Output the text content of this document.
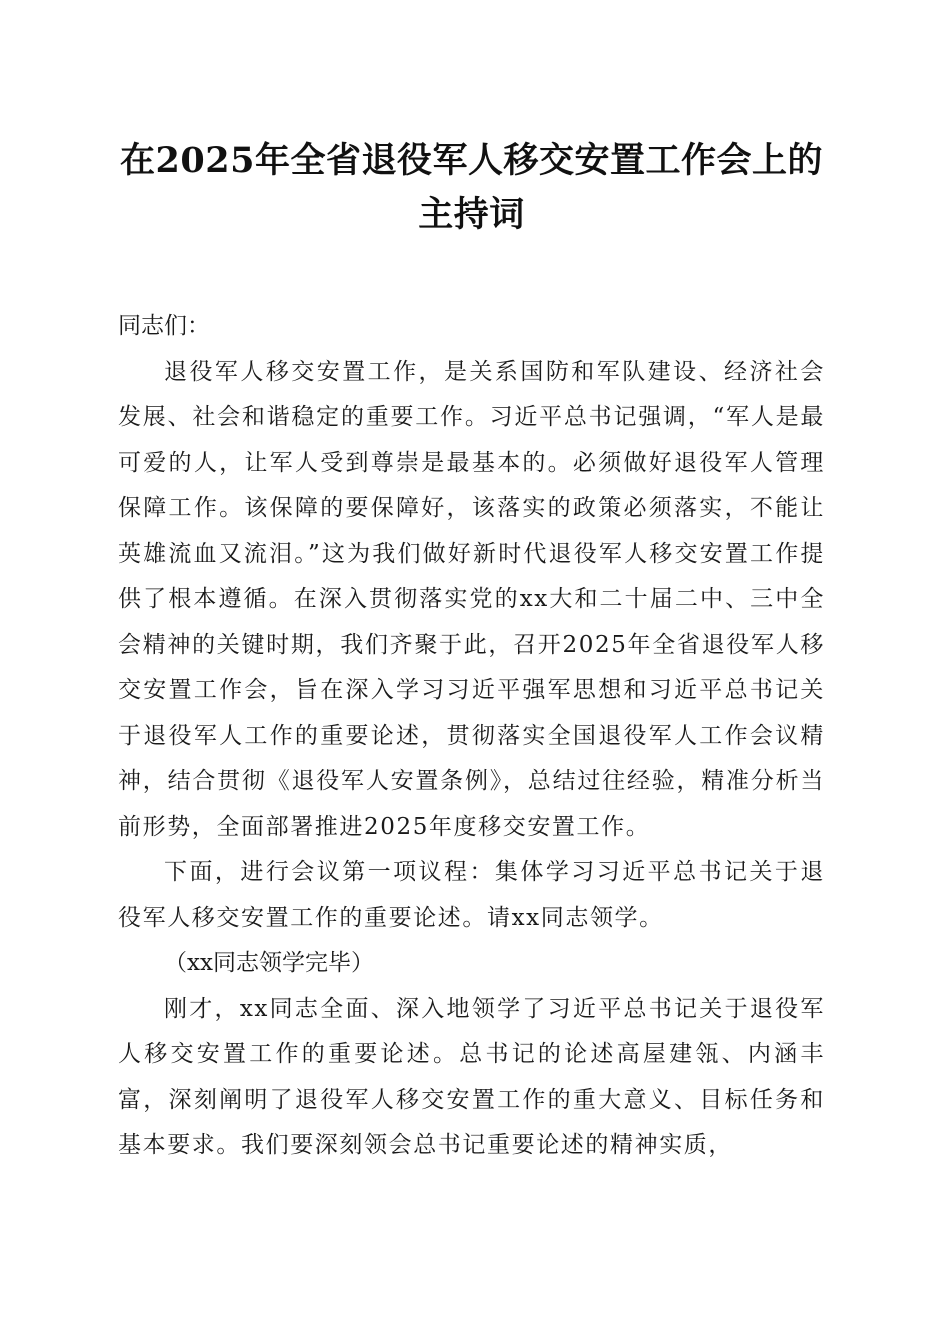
在2025年全省退役军人移交安置工作会上的
主持词

同志们：

退役军人移交安置工作，是关系国防和军队建设、经济社会发展、社会和谐稳定的重要工作。习近平总书记强调，“军人是最可爱的人，让军人受到尊崇是最基本的。必须做好退役军人管理保障工作。该保障的要保障好，该落实的政策必须落实，不能让英雄流血又流泪。”这为我们做好新时代退役军人移交安置工作提供了根本遵循。在深入贯彻落实党的xx大和二十届二中、三中全会精神的关键时期，我们齐聚于此，召开2025年全省退役军人移交安置工作会，旨在深入学习习近平强军思想和习近平总书记关于退役军人工作的重要论述，贯彻落实全国退役军人工作会议精神，结合贯彻《退役军人安置条例》，总结过往经验，精准分析当前形势，全面部署推进2025年度移交安置工作。

下面，进行会议第一项议程：集体学习习近平总书记关于退役军人移交安置工作的重要论述。请xx同志领学。

（xx同志领学完毕）

刚才，xx同志全面、深入地领学了习近平总书记关于退役军人移交安置工作的重要论述。总书记的论述高屋建瓴、内涵丰富，深刻阐明了退役军人移交安置工作的重大意义、目标任务和基本要求。我们要深刻领会总书记重要论述的精神实质，
